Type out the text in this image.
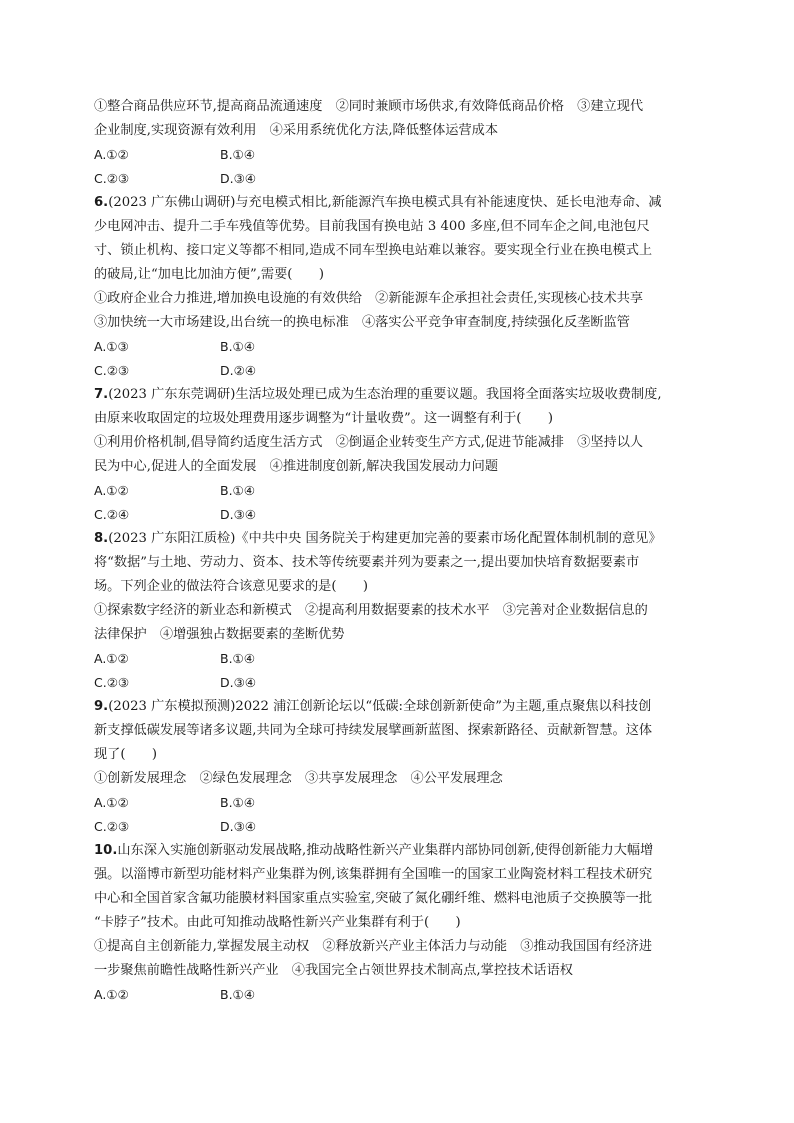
①整合商品供应环节,提高商品流通速度　②同时兼顾市场供求,有效降低商品价格　③建立现代
企业制度,实现资源有效利用　④采用系统优化方法,降低整体运营成本
A.①②	B.①④
C.②③	D.③④
6.(2023 广东佛山调研)与充电模式相比,新能源汽车换电模式具有补能速度快、延长电池寿命、减
少电网冲击、提升二手车残值等优势。目前我国有换电站 3 400 多座,但不同车企之间,电池包尺
寸、锁止机构、接口定义等都不相同,造成不同车型换电站难以兼容。要实现全行业在换电模式上
的破局,让“加电比加油方便”,需要(　　)
①政府企业合力推进,增加换电设施的有效供给　②新能源车企承担社会责任,实现核心技术共享
③加快统一大市场建设,出台统一的换电标准　④落实公平竞争审查制度,持续强化反垄断监管
A.①③	B.①④
C.②③	D.②④
7.(2023 广东东莞调研)生活垃圾处理已成为生态治理的重要议题。我国将全面落实垃圾收费制度,
由原来收取固定的垃圾处理费用逐步调整为“计量收费”。这一调整有利于(　　)
①利用价格机制,倡导简约适度生活方式　②倒逼企业转变生产方式,促进节能减排　③坚持以人
民为中心,促进人的全面发展　④推进制度创新,解决我国发展动力问题
A.①②	B.①④
C.②④	D.③④
8.(2023 广东阳江质检)《中共中央 国务院关于构建更加完善的要素市场化配置体制机制的意见》
将“数据”与土地、劳动力、资本、技术等传统要素并列为要素之一,提出要加快培育数据要素市
场。下列企业的做法符合该意见要求的是(　　)
①探索数字经济的新业态和新模式　②提高利用数据要素的技术水平　③完善对企业数据信息的
法律保护　④增强独占数据要素的垄断优势
A.①②	B.①④
C.②③	D.③④
9.(2023 广东模拟预测)2022 浦江创新论坛以“低碳:全球创新新使命”为主题,重点聚焦以科技创
新支撑低碳发展等诸多议题,共同为全球可持续发展擘画新蓝图、探索新路径、贡献新智慧。这体
现了(　　)
①创新发展理念　②绿色发展理念　③共享发展理念　④公平发展理念
A.①②	B.①④
C.②③	D.③④
10.山东深入实施创新驱动发展战略,推动战略性新兴产业集群内部协同创新,使得创新能力大幅增
强。以淄博市新型功能材料产业集群为例,该集群拥有全国唯一的国家工业陶瓷材料工程技术研究
中心和全国首家含氟功能膜材料国家重点实验室,突破了氮化硼纤维、燃料电池质子交换膜等一批
“卡脖子”技术。由此可知推动战略性新兴产业集群有利于(　　)
①提高自主创新能力,掌握发展主动权　②释放新兴产业主体活力与动能　③推动我国国有经济进
一步聚焦前瞻性战略性新兴产业　④我国完全占领世界技术制高点,掌控技术话语权
A.①②	B.①④
